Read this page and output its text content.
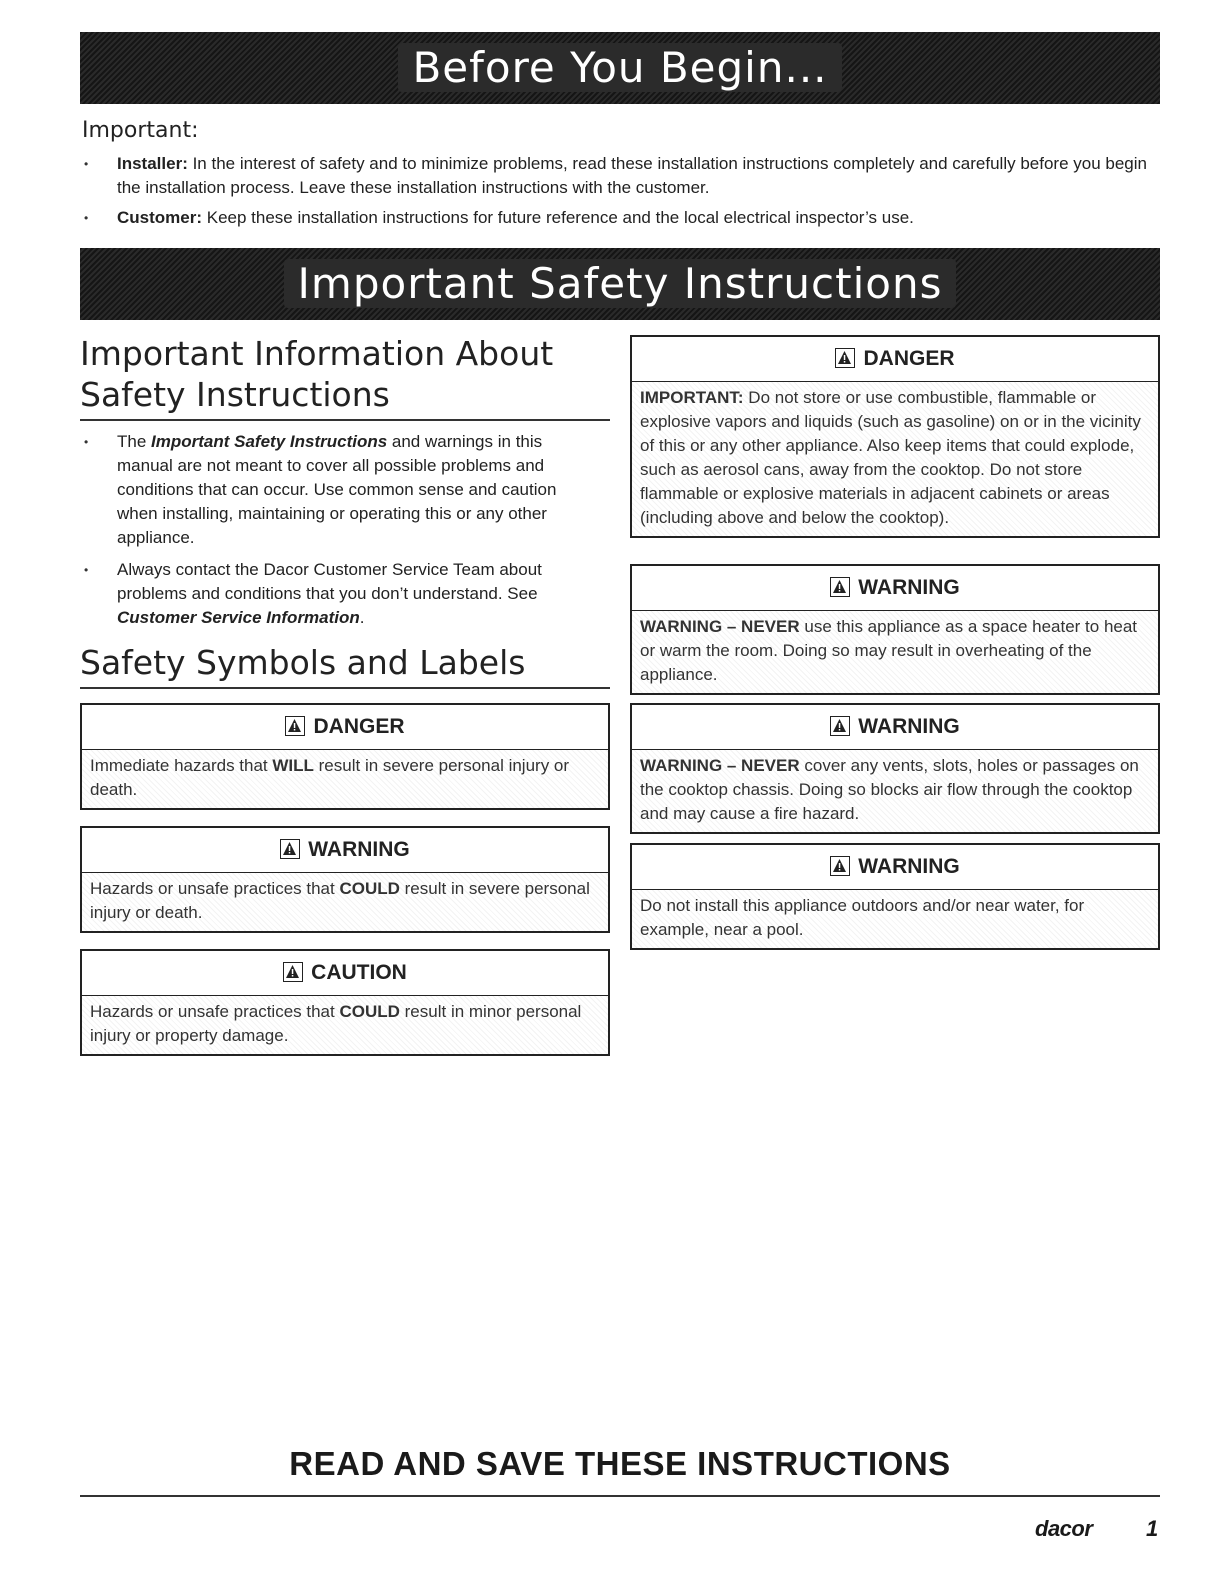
Before You Begin...
Important:
• Installer: In the interest of safety and to minimize problems, read these installation instructions completely and carefully before you begin the installation process. Leave these installation instructions with the customer.
• Customer: Keep these installation instructions for future reference and the local electrical inspector’s use.
Important Safety Instructions
Important Information About Safety Instructions
• The Important Safety Instructions and warnings in this manual are not meant to cover all possible problems and conditions that can occur. Use common sense and caution when installing, maintaining or operating this or any other appliance.
• Always contact the Dacor Customer Service Team about problems and conditions that you don’t understand. See Customer Service Information.
Safety Symbols and Labels
DANGER
Immediate hazards that WILL result in severe personal injury or death.
WARNING
Hazards or unsafe practices that COULD result in severe personal injury or death.
CAUTION
Hazards or unsafe practices that COULD result in minor personal injury or property damage.
DANGER
IMPORTANT: Do not store or use combustible, flammable or explosive vapors and liquids (such as gasoline) on or in the vicinity of this or any other appliance. Also keep items that could explode, such as aerosol cans, away from the cooktop. Do not store flammable or explosive materials in adjacent cabinets or areas (including above and below the cooktop).
WARNING
WARNING – NEVER use this appliance as a space heater to heat or warm the room. Doing so may result in overheating of the appliance.
WARNING
WARNING – NEVER cover any vents, slots, holes or passages on the cooktop chassis. Doing so blocks air flow through the cooktop and may cause a fire hazard.
WARNING
Do not install this appliance outdoors and/or near water, for example, near a pool.
READ AND SAVE THESE INSTRUCTIONS
dacor 1
